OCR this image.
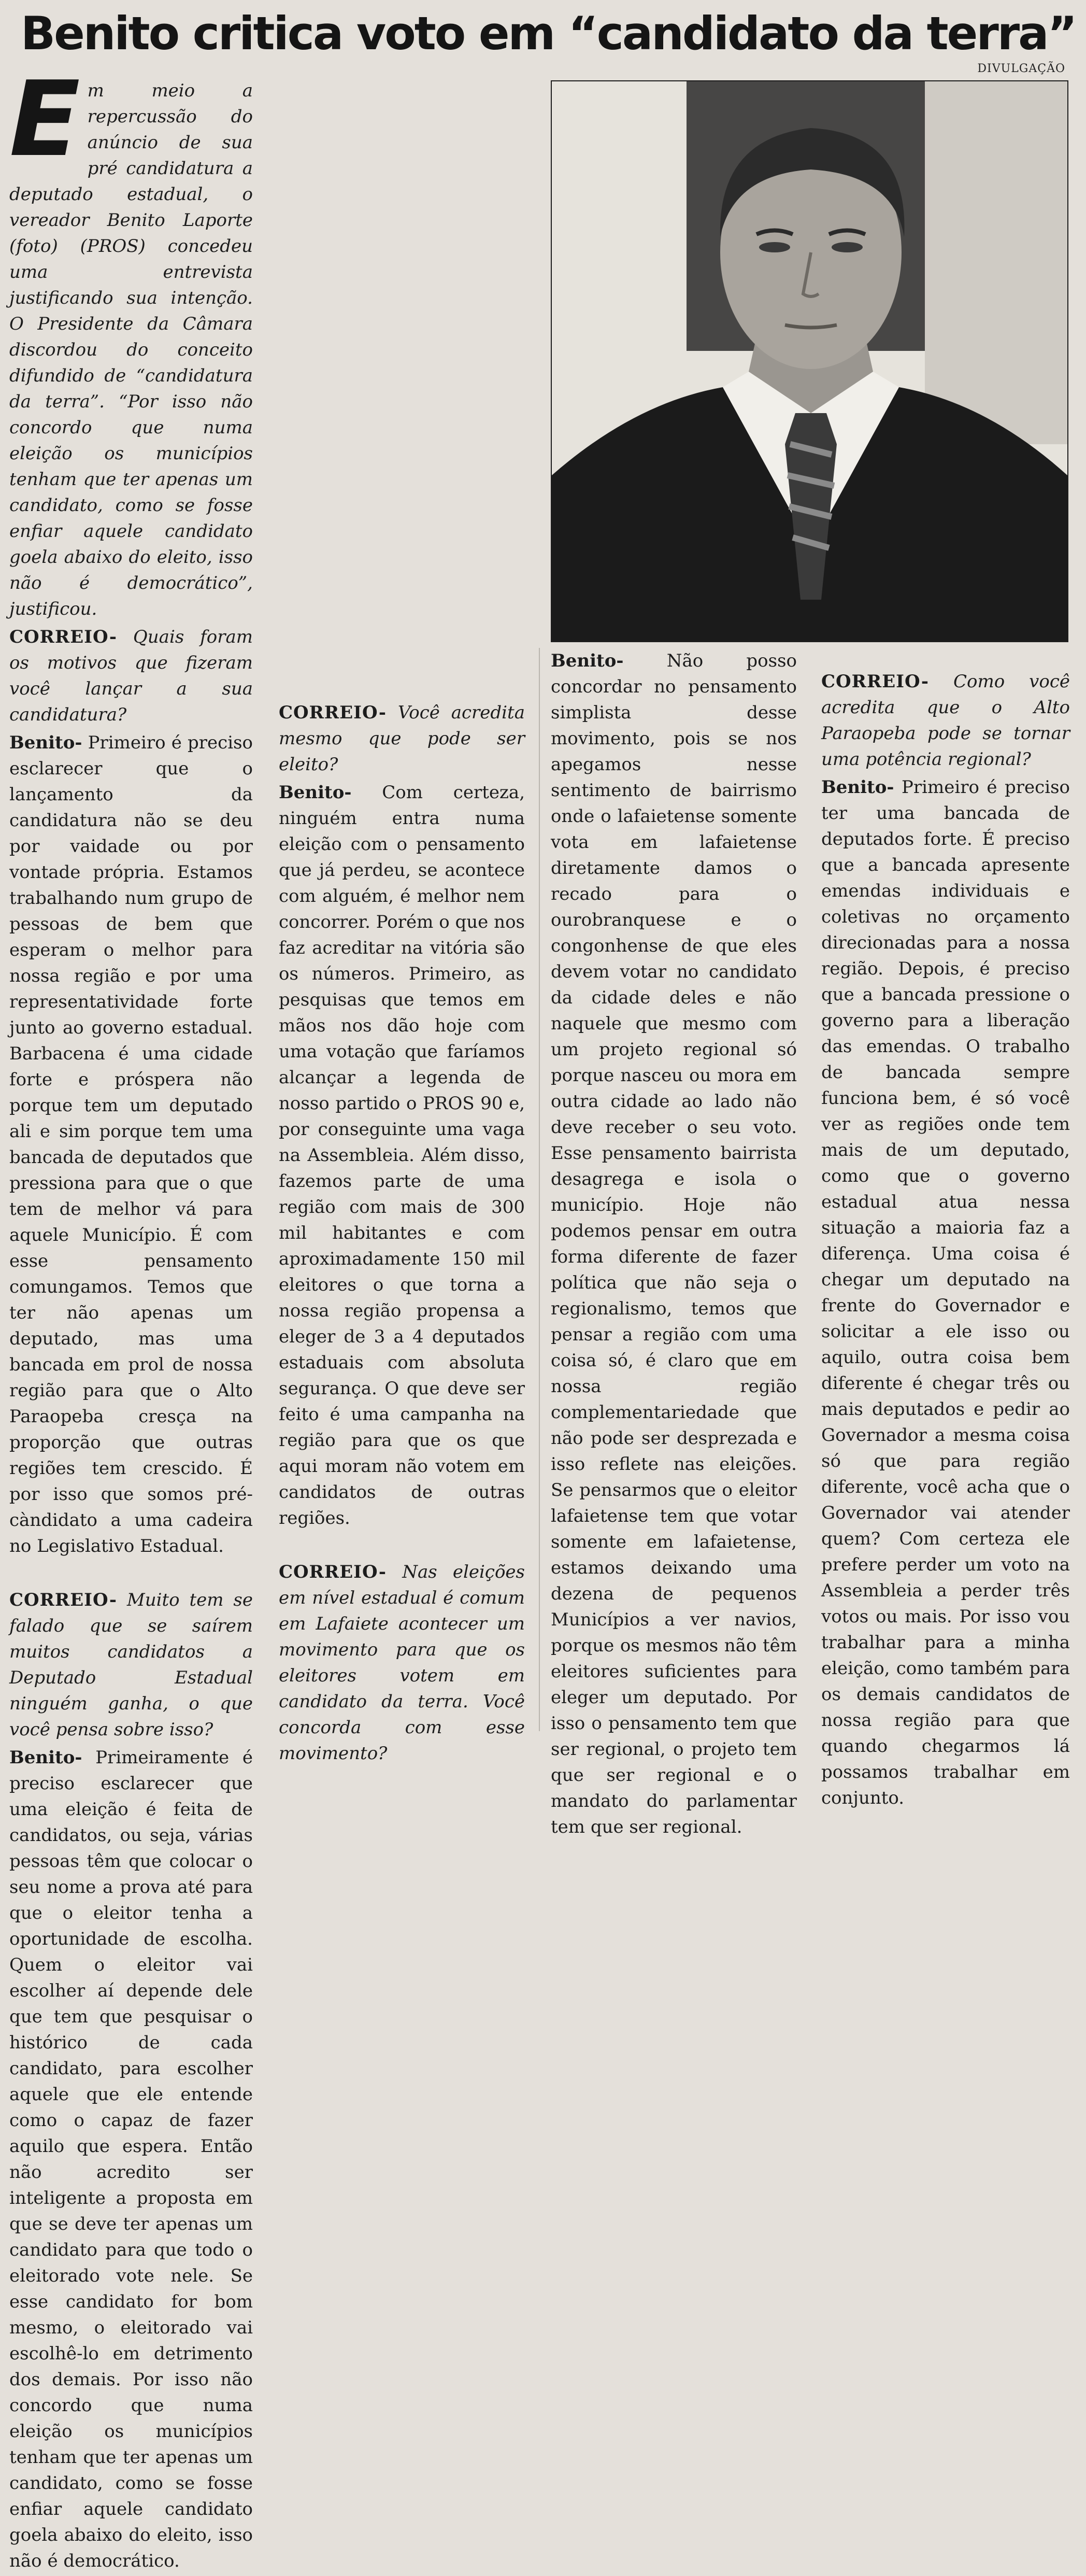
Benito critica voto em “candidato da terra”
DIVULGAÇÃO

Em meio a repercussão do anúncio de sua pré candidatura a deputado estadual, o vereador Benito Laporte (foto) (PROS) concedeu uma entrevista justificando sua intenção. O Presidente da Câmara discordou do conceito difundido de “candidatura da terra”. “Por isso não concordo que numa eleição os municípios tenham que ter apenas um candidato, como se fosse enfiar aquele candidato goela abaixo do eleito, isso não é democrático”, justificou.

CORREIO- Quais foram os motivos que fizeram você lançar a sua candidatura?

Benito- Primeiro é preciso esclarecer que o lançamento da candidatura não se deu por vaidade ou por vontade própria. Estamos trabalhando num grupo de pessoas de bem que esperam o melhor para nossa região e por uma representatividade forte junto ao governo estadual. Barbacena é uma cidade forte e próspera não porque tem um deputado ali e sim porque tem uma bancada de deputados que pressiona para que o que tem de melhor vá para aquele Município. É com esse pensamento comungamos. Temos que ter não apenas um deputado, mas uma bancada em prol de nossa região para que o Alto Paraopeba cresça na proporção que outras regiões tem crescido. É por isso que somos pré-càndidato a uma cadeira no Legislativo Estadual.

CORREIO- Muito tem se falado que se saírem muitos candidatos a Deputado Estadual ninguém ganha, o que você pensa sobre isso?

Benito- Primeiramente é preciso esclarecer que uma eleição é feita de candidatos, ou seja, várias pessoas têm que colocar o seu nome a prova até para que o eleitor tenha a oportunidade de escolha. Quem o eleitor vai escolher aí depende dele que tem que pesquisar o histórico de cada candidato, para escolher aquele que ele entende como o capaz de fazer aquilo que espera. Então não acredito ser inteligente a proposta em que se deve ter apenas um candidato para que todo o eleitorado vote nele. Se esse candidato for bom mesmo, o eleitorado vai escolhê-lo em detrimento dos demais. Por isso não concordo que numa eleição os municípios tenham que ter apenas um candidato, como se fosse enfiar aquele candidato goela abaixo do eleito, isso não é democrático.

CORREIO- Você acredita mesmo que pode ser eleito?

Benito- Com certeza, ninguém entra numa eleição com o pensamento que já perdeu, se acontece com alguém, é melhor nem concorrer. Porém o que nos faz acreditar na vitória são os números. Primeiro, as pesquisas que temos em mãos nos dão hoje com uma votação que faríamos alcançar a legenda de nosso partido o PROS 90 e, por conseguinte uma vaga na Assembleia. Além disso, fazemos parte de uma região com mais de 300 mil habitantes e com aproximadamente 150 mil eleitores o que torna a nossa região propensa a eleger de 3 a 4 deputados estaduais com absoluta segurança. O que deve ser feito é uma campanha na região para que os que aqui moram não votem em candidatos de outras regiões.

CORREIO- Nas eleições em nível estadual é comum em Lafaiete acontecer um movimento para que os eleitores votem em candidato da terra. Você concorda com esse movimento?

Benito- Não posso concordar no pensamento simplista desse movimento, pois se nos apegamos nesse sentimento de bairrismo onde o lafaietense somente vota em lafaietense diretamente damos o recado para o ourobranquese e o congonhense de que eles devem votar no candidato da cidade deles e não naquele que mesmo com um projeto regional só porque nasceu ou mora em outra cidade ao lado não deve receber o seu voto. Esse pensamento bairrista desagrega e isola o município. Hoje não podemos pensar em outra forma diferente de fazer política que não seja o regionalismo, temos que pensar a região com uma coisa só, é claro que em nossa região complementariedade que não pode ser desprezada e isso reflete nas eleições. Se pensarmos que o eleitor lafaietense tem que votar somente em lafaietense, estamos deixando uma dezena de pequenos Municípios a ver navios, porque os mesmos não têm eleitores suficientes para eleger um deputado. Por isso o pensamento tem que ser regional, o projeto tem que ser regional e o mandato do parlamentar tem que ser regional.

CORREIO- Como você acredita que o Alto Paraopeba pode se tornar uma potência regional?

Benito- Primeiro é preciso ter uma bancada de deputados forte. É preciso que a bancada apresente emendas individuais e coletivas no orçamento direcionadas para a nossa região. Depois, é preciso que a bancada pressione o governo para a liberação das emendas. O trabalho de bancada sempre funciona bem, é só você ver as regiões onde tem mais de um deputado, como que o governo estadual atua nessa situação a maioria faz a diferença. Uma coisa é chegar um deputado na frente do Governador e solicitar a ele isso ou aquilo, outra coisa bem diferente é chegar três ou mais deputados e pedir ao Governador a mesma coisa só que para região diferente, você acha que o Governador vai atender quem? Com certeza ele prefere perder um voto na Assembleia a perder três votos ou mais. Por isso vou trabalhar para a minha eleição, como também para os demais candidatos de nossa região para que quando chegarmos lá possamos trabalhar em conjunto.
